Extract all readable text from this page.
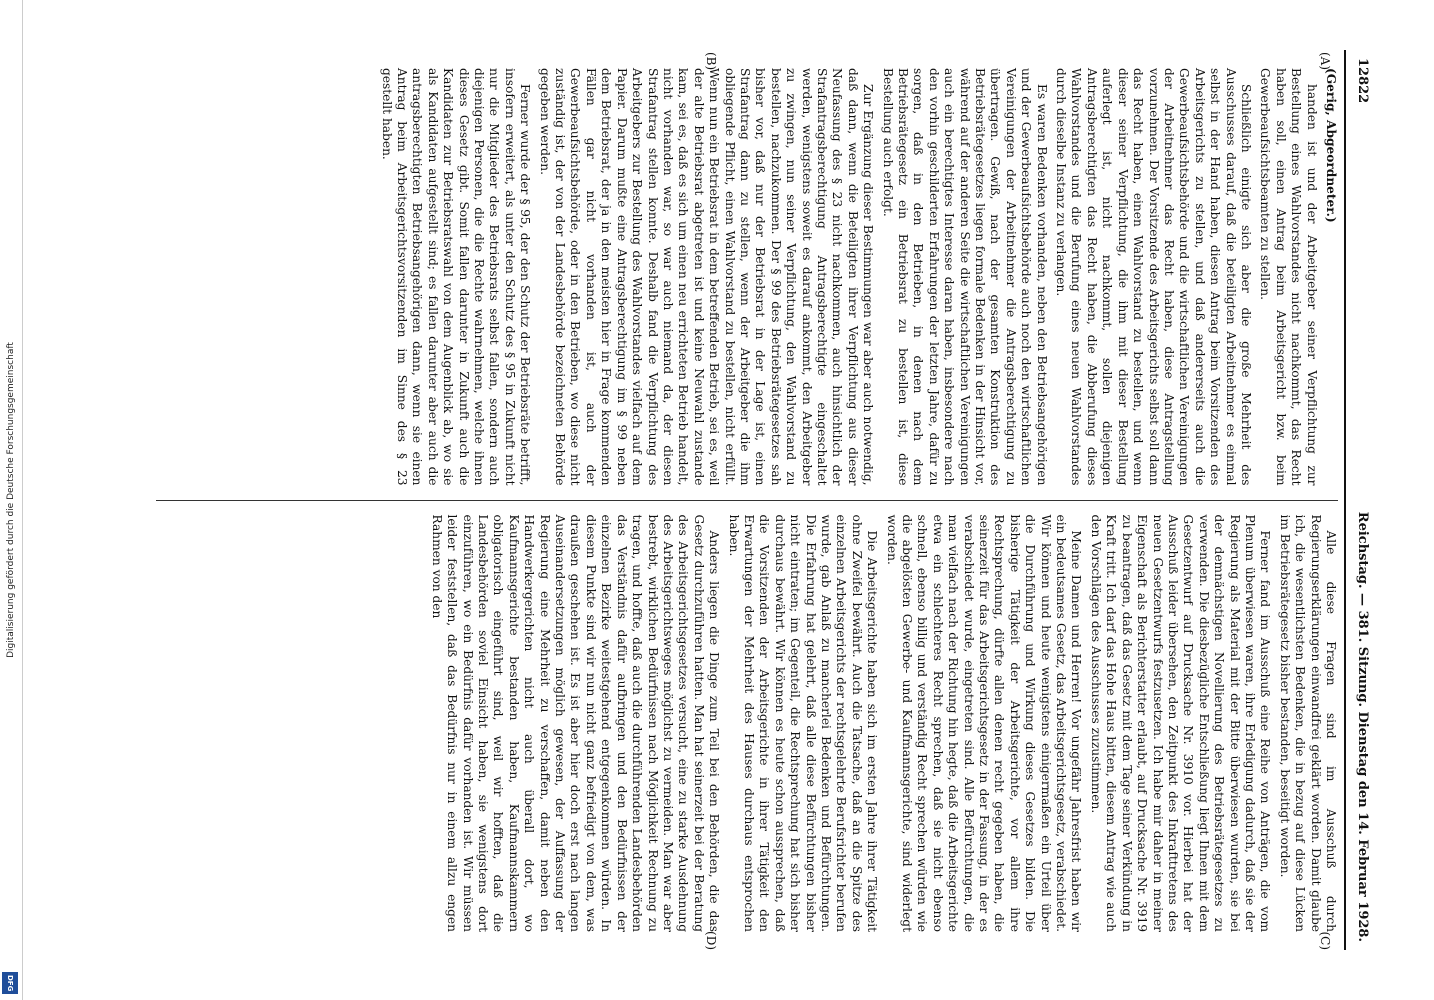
Digitalisierung gefördert durch die Deutsche Forschungsgemeinschaft
DFG
12822
Reichstag. — 381. Sitzung. Dienstag den 14. Februar 1928.
(A)
(B)

(Gerig, Abgeordneter.)

handen ist und der Arbeitgeber seiner Verpflichtung zur Bestellung eines Wahlvorstandes nicht nachkommt, das Recht haben soll, einen Antrag beim Arbeitsgericht bzw. beim Gewerbeaufsichtsbeamten zu stellen.

Schließlich einigte sich aber die große Mehrheit des Ausschusses darauf, daß die beteiligten Arbeitnehmer es einmal selbst in der Hand haben, diesen Antrag beim Vorsitzenden des Arbeitsgerichts zu stellen, und daß andererseits auch die Gewerbeaufsichtsbehörde und die wirtschaftlichen Vereinigungen der Arbeitnehmer das Recht haben, diese Antragstellung vorzunehmen. Der Vorsitzende des Arbeitsgerichts selbst soll dann das Recht haben, einen Wahlvorstand zu bestellen, und wenn dieser seiner Verpflichtung, die ihm mit dieser Bestellung auferlegt ist, nicht nachkommt, sollen diejenigen Antragsberechtigten das Recht haben, die Abberufung dieses Wahlvorstandes und die Berufung eines neuen Wahlvorstandes durch dieselbe Instanz zu verlangen.

Es waren Bedenken vorhanden, neben den Betriebsangehörigen und der Gewerbeaufsichtsbehörde auch noch den wirtschaftlichen Vereinigungen der Arbeitnehmer die Antragsberechtigung zu übertragen. Gewiß, nach der gesamten Konstruktion des Betriebsrätegesetzes liegen formale Bedenken in der Hinsicht vor, während auf der anderen Seite die wirtschaftlichen Vereinigungen auch ein berechtigtes Interesse daran haben, insbesondere nach den vorhin geschilderten Erfahrungen der letzten Jahre, dafür zu sorgen, daß in den Betrieben, in denen nach dem Betriebsrätegesetz ein Betriebsrat zu bestellen ist, diese Bestellung auch erfolgt.

Zur Ergänzung dieser Bestimmungen war aber auch notwendig, daß dann, wenn die Beteiligten ihrer Verpflichtung aus dieser Neufassung des § 23 nicht nachkommen, auch hinsichtlich der Strafantragsberechtigung Antragsberechtigte eingeschaltet werden, wenigstens soweit es darauf ankommt, den Arbeitgeber zu zwingen, nun seiner Verpflichtung, den Wahlvorstand zu bestellen, nachzukommen. Der § 99 des Betriebsrätegesetzes sah bisher vor, daß nur der Betriebsrat in der Lage ist, einen Strafantrag dann zu stellen, wenn der Arbeitgeber die ihm obliegende Pflicht, einen Wahlvorstand zu bestellen, nicht erfüllt. Wenn nun ein Betriebsrat in dem betreffenden Betrieb, sei es, weil der alte Betriebsrat abgetreten ist und keine Neuwahl zustande kam, sei es, daß es sich um einen neu errichteten Betrieb handelt, nicht vorhanden war, so war auch niemand da, der diesen Strafantrag stellen konnte. Deshalb fand die Verpflichtung des Arbeitgebers zur Bestellung des Wahlvorstandes vielfach auf dem Papier. Darum mußte eine Antragsberechtigung im § 99 neben dem Betriebsrat, der ja in den meisten hier in Frage kommenden Fällen gar nicht vorhanden ist, auch der Gewerbeaufsichtsbehörde, oder in den Betrieben, wo diese nicht zuständig ist, der von der Landesbehörde bezeichneten Behörde gegeben werden.

Ferner wurde der § 95, der den Schutz der Betriebsräte betrifft, insofern erweitert, als unter den Schutz des § 95 in Zukunft nicht nur die Mitglieder des Betriebsrats selbst fallen, sondern auch diejenigen Personen, die die Rechte wahrnehmen, welche ihnen dieses Gesetz gibt. Somit fallen darunter in Zukunft auch die Kandidaten zur Betriebsratswahl von dem Augenblick ab, wo sie als Kandidaten aufgestellt sind; es fallen darunter aber auch die antragsberechtigten Betriebsangehörigen dann, wenn sie einen Antrag beim Arbeitsgerichtsvorsitzenden im Sinne des § 23 gestellt haben.

(C)
(D)

Alle diese Fragen sind im Ausschuß durch Regierungserklärungen einwandfrei geklärt worden. Damit glaube ich, die wesentlichsten Bedenken, die in bezug auf diese Lücken im Betriebsrätegesetz bisher bestanden, beseitigt worden.

Ferner fand im Ausschuß eine Reihe von Anträgen, die vom Plenum überwiesen waren, ihre Erledigung dadurch, daß sie der Regierung als Material mit der Bitte überwiesen wurden, sie bei der demnächstigen Novellierung des Betriebsrätegesetzes zu verwenden. Die diesbezügliche Entschließung liegt Ihnen mit dem Gesetzentwurf auf Drucksache Nr. 3910 vor. Hierbei hat der Ausschuß leider übersehen, den Zeitpunkt des Inkrafttretens des neuen Gesetzentwurfs festzusetzen. Ich habe mir daher in meiner Eigenschaft als Berichterstatter erlaubt, auf Drucksache Nr. 3919 zu beantragen, daß das Gesetz mit dem Tage seiner Verkündung in Kraft tritt. Ich darf das Hohe Haus bitten, diesem Antrag wie auch den Vorschlägen des Ausschusses zuzustimmen.

Meine Damen und Herren! Vor ungefähr Jahresfrist haben wir ein bedeutsames Gesetz, das Arbeitsgerichtsgesetz, verabschiedet. Wir können und heute wenigstens einigermaßen ein Urteil über die Durchführung und Wirkung dieses Gesetzes bilden. Die bisherige Tätigkeit der Arbeitsgerichte, vor allem ihre Rechtsprechung, dürfte allen denen recht gegeben haben, die seinerzeit für das Arbeitsgerichtsgesetz in der Fassung, in der es verabschiedet wurde, eingetreten sind. Alle Befürchtungen, die man vielfach nach der Richtung hin hegte, daß die Arbeitsgerichte etwa ein schlechteres Recht sprechen, daß sie nicht ebenso schnell, ebenso billig und verständig Recht sprechen würden wie die abgelösten Gewerbe- und Kaufmannsgerichte, sind widerlegt worden.

Die Arbeitsgerichte haben sich im ersten Jahre ihrer Tätigkeit ohne Zweifel bewährt. Auch die Tatsache, daß an die Spitze des einzelnen Arbeitsgerichts der rechtsgelehrte Berufsrichter berufen wurde, gab Anlaß zu mancherlei Bedenken und Befürchtungen. Die Erfahrung hat gelehrt, daß alle diese Befürchtungen bisher nicht eintraten; im Gegenteil, die Rechtsprechung hat sich bisher durchaus bewährt. Wir können es heute schon aussprechen, daß die Vorsitzenden der Arbeitsgerichte in ihrer Tätigkeit den Erwartungen der Mehrheit des Hauses durchaus entsprochen haben.

Anders liegen die Dinge zum Teil bei den Behörden, die das Gesetz durchzuführen hatten. Man hat seinerzeit bei der Beratung des Arbeitsgerichtsgesetzes versucht, eine zu starke Ausdehnung des Arbeitsgerichtsweges möglichst zu vermeiden. Man war aber bestrebt, wirklichen Bedürfnissen nach Möglichkeit Rechnung zu tragen, und hoffte, daß auch die durchführenden Landesbehörden das Verständnis dafür aufbringen und den Bedürfnissen der einzelnen Bezirke weitestgehend entgegenkommen würden. In diesem Punkte sind wir nun nicht ganz befriedigt von dem, was draußen geschehen ist. Es ist aber hier doch erst nach langen Auseinandersetzungen möglich gewesen, der Auffassung der Regierung eine Mehrheit zu verschaffen, damit neben den Handwerkergerichten nicht auch überall dort, wo Kaufmannsgerichte bestanden haben, Kaufmannskammern obligatorisch eingeführt sind, weil wir hofften, daß die Landesbehörden soviel Einsicht haben, sie wenigstens dort einzuführen, wo ein Bedürfnis dafür vorhanden ist. Wir müssen leider feststellen, daß das Bedürfnis nur in einem allzu engen Rahmen von den
